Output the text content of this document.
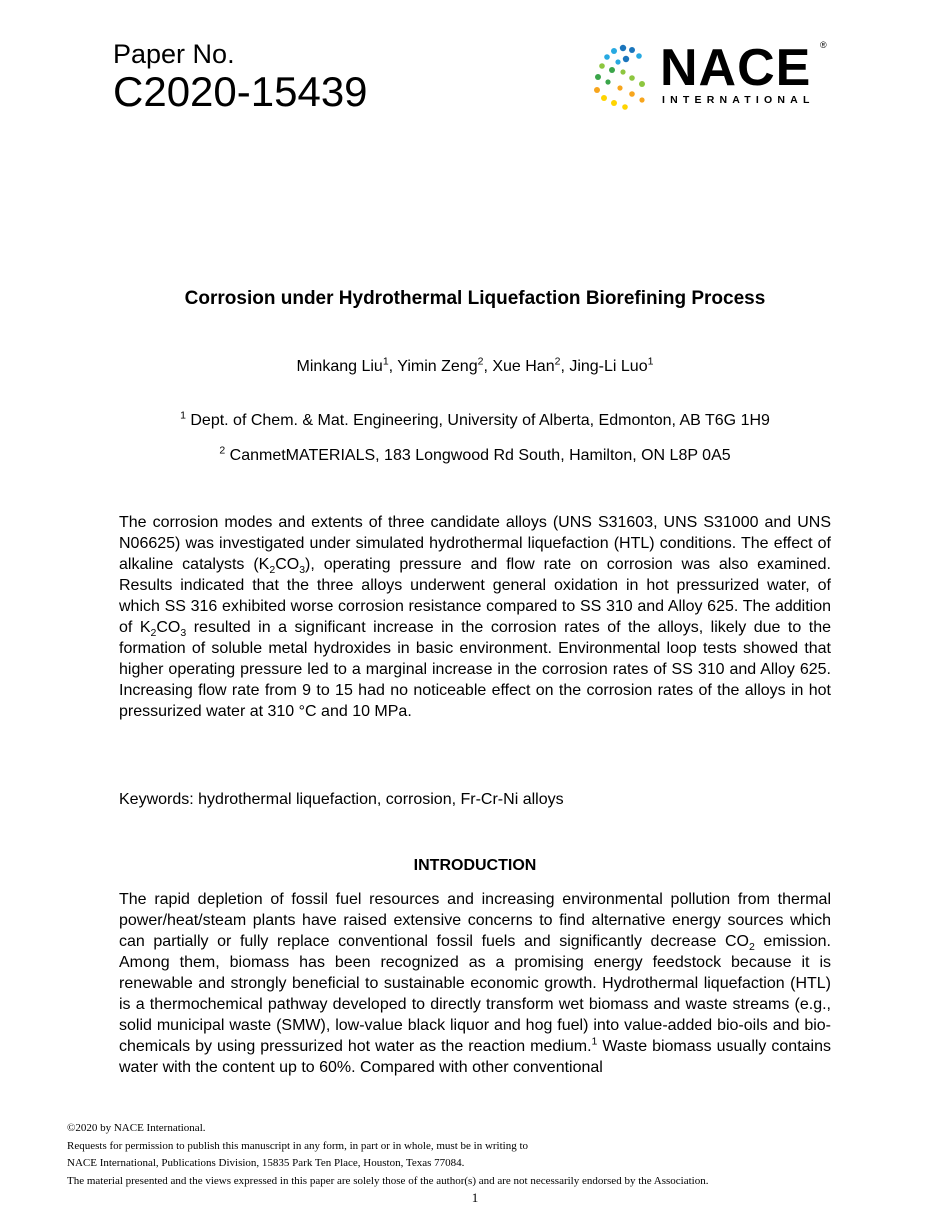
Paper No.
C2020-15439	NACE ®
INTERNATIONAL
Corrosion under Hydrothermal Liquefaction Biorefining Process
Minkang Liu$^1$, Yimin Zeng$^2$, Xue Han$^2$, Jing-Li Luo$^1$
$^1$ Dept. of Chem. & Mat. Engineering, University of Alberta, Edmonton, AB T6G 1H9
$^2$ CanmetMATERIALS, 183 Longwood Rd South, Hamilton, ON L8P 0A5
The corrosion modes and extents of three candidate alloys (UNS S31603, UNS S31000 and UNS N06625) was investigated under simulated hydrothermal liquefaction (HTL) conditions. The effect of alkaline catalysts $(K_2CO_3)$, operating pressure and flow rate on corrosion was also examined. Results indicated that the three alloys underwent general oxidation in hot pressurized water, of which SS 316 exhibited worse corrosion resistance compared to SS 310 and Alloy 625. The addition of $K_2CO_3$ resulted in a significant increase in the corrosion rates of the alloys, likely due to the formation of soluble metal hydroxides in basic environment. Environmental loop tests showed that higher operating pressure led to a marginal increase in the corrosion rates of SS 310 and Alloy 625. Increasing flow rate from 9 to 15 had no noticeable effect on the corrosion rates of the alloys in hot pressurized water at 310 °C and 10 MPa.
Keywords: hydrothermal liquefaction, corrosion, Fr-Cr-Ni alloys
INTRODUCTION
The rapid depletion of fossil fuel resources and increasing environmental pollution from thermal power/heat/steam plants have raised extensive concerns to find alternative energy sources which can partially or fully replace conventional fossil fuels and significantly decrease $CO_2$ emission. Among them, biomass has been recognized as a promising energy feedstock because it is renewable and strongly beneficial to sustainable economic growth. Hydrothermal liquefaction (HTL) is a thermochemical pathway developed to directly transform wet biomass and waste streams (e.g., solid municipal waste (SMW), low-value black liquor and hog fuel) into value-added bio-oils and bio-chemicals by using pressurized hot water as the reaction medium.$^1$ Waste biomass usually contains water with the content up to 60%. Compared with other conventional
©2020 by NACE International.
Requests for permission to publish this manuscript in any form, in part or in whole, must be in writing to
NACE International, Publications Division, 15835 Park Ten Place, Houston, Texas 77084.
The material presented and the views expressed in this paper are solely those of the author(s) and are not necessarily endorsed by the Association.
1
